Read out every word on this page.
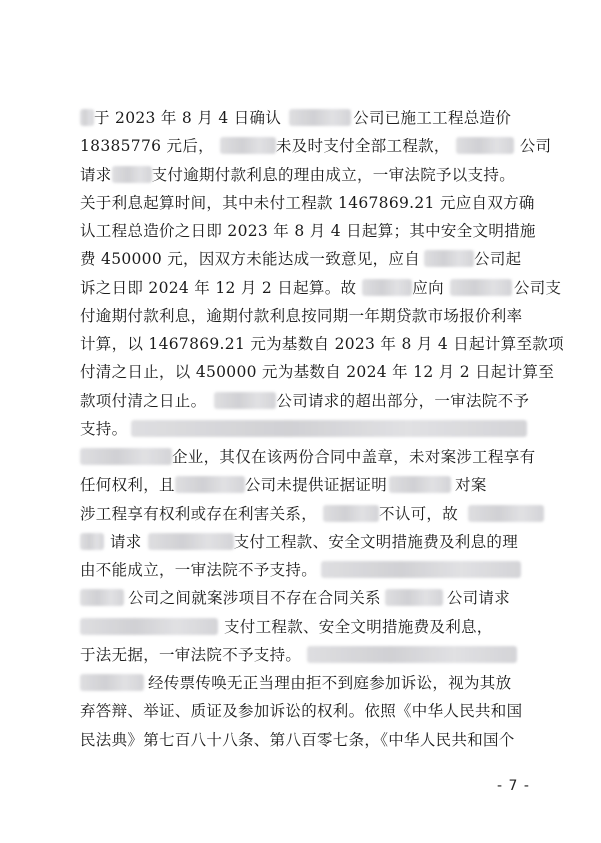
于 2023 年 8 月 4 日确认	公司已施工工程总造价
18385776 元后，	未及时支付全部工程款，	公司
请求	支付逾期付款利息的理由成立，一审法院予以支持。
关于利息起算时间，其中未付工程款 1467869.21 元应自双方确
认工程总造价之日即 2023 年 8 月 4 日起算；其中安全文明措施
费 450000 元，因双方未能达成一致意见，应自	公司起
诉之日即 2024 年 12 月 2 日起算。故	应向	公司支
付逾期付款利息，逾期付款利息按同期一年期贷款市场报价利率
计算，以 1467869.21 元为基数自 2023 年 8 月 4 日起计算至款项
付清之日止，以 450000 元为基数自 2024 年 12 月 2 日起计算至
款项付清之日止。	公司请求的超出部分，一审法院不予
支持。
企业，其仅在该两份合同中盖章，未对案涉工程享有
任何权利，且	公司未提供证据证明	对案
涉工程享有权利或存在利害关系，	不认可，故
请求	支付工程款、安全文明措施费及利息的理
由不能成立，一审法院不予支持。
公司之间就案涉项目不存在合同关系	公司请求
支付工程款、安全文明措施费及利息，
于法无据，一审法院不予支持。
经传票传唤无正当理由拒不到庭参加诉讼，视为其放
弃答辩、举证、质证及参加诉讼的权利。依照《中华人民共和国
民法典》第七百八十八条、第八百零七条，《中华人民共和国个
- 7 -
